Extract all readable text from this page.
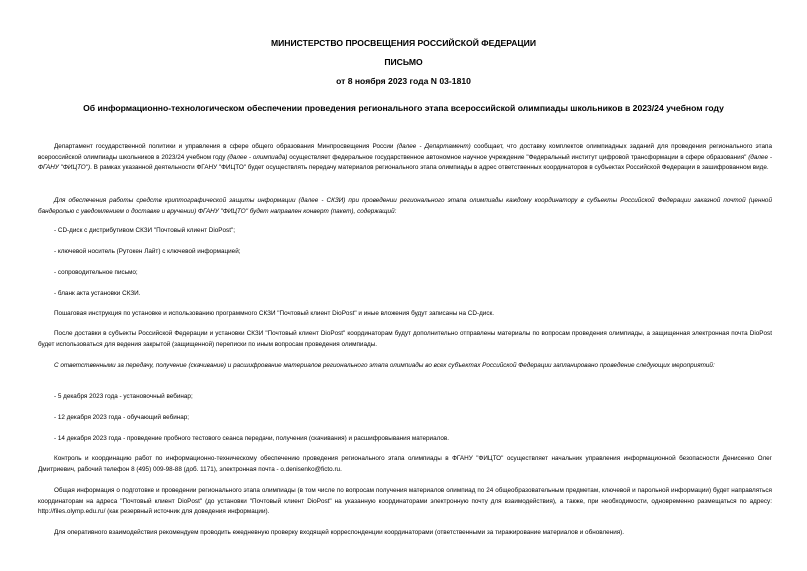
МИНИСТЕРСТВО ПРОСВЕЩЕНИЯ РОССИЙСКОЙ ФЕДЕРАЦИИ
ПИСЬМО
от 8 ноября 2023 года N 03-1810
Об информационно-технологическом обеспечении проведения регионального этапа всероссийской олимпиады школьников в 2023/24 учебном году

Департамент государственной политики и управления в сфере общего образования Минпросвещения России (далее - Департамент) сообщает, что доставку комплектов олимпиадных заданий для проведения регионального этапа всероссийской олимпиады школьников в 2023/24 учебном году (далее - олимпиада) осуществляет федеральное государственное автономное научное учреждение "Федеральный институт цифровой трансформации в сфере образования" (далее - ФГАНУ "ФИЦТО"). В рамках указанной деятельности ФГАНУ "ФИЦТО" будет осуществлять передачу материалов регионального этапа олимпиады в адрес ответственных координаторов в субъектах Российской Федерации в зашифрованном виде.

Для обеспечения работы средств криптографической защиты информации (далее - СКЗИ) при проведении регионального этапа олимпиады каждому координатору в субъекты Российской Федерации заказной почтой (ценной бандеролью с уведомлением о доставке и вручении) ФГАНУ "ФИЦТО" будет направлен конверт (пакет), содержащий:

- CD-диск с дистрибутивом СКЗИ "Почтовый клиент DioPost";

- ключевой носитель (Рутокен Лайт) с ключевой информацией;

- сопроводительное письмо;

- бланк акта установки СКЗИ.

Пошаговая инструкция по установке и использованию программного СКЗИ "Почтовый клиент DioPost" и иные вложения будут записаны на CD-диск.

После доставки в субъекты Российской Федерации и установки СКЗИ "Почтовый клиент DioPost" координаторам будут дополнительно отправлены материалы по вопросам проведения олимпиады, а защищенная электронная почта DioPost будет использоваться для ведения закрытой (защищенной) переписки по иным вопросам проведения олимпиады.

С ответственными за передачу, получение (скачивание) и расшифрование материалов регионального этапа олимпиады во всех субъектах Российской Федерации запланировано проведение следующих мероприятий:

- 5 декабря 2023 года - установочный вебинар;

- 12 декабря 2023 года - обучающий вебинар;

- 14 декабря 2023 года - проведение пробного тестового сеанса передачи, получения (скачивания) и расшифровывания материалов.

Контроль и координацию работ по информационно-техническому обеспечению проведения регионального этапа олимпиады в ФГАНУ "ФИЦТО" осуществляет начальник управления информационной безопасности Денисенко Олег Дмитриевич, рабочий телефон 8 (495) 009-98-88 (доб. 1171), электронная почта - o.denisenko@ficto.ru.

Общая информация о подготовке и проведении регионального этапа олимпиады (в том числе по вопросам получения материалов олимпиад по 24 общеобразовательным предметам, ключевой и парольной информации) будет направляться координаторам на адреса "Почтовый клиент DioPost" (до установки "Почтовый клиент DioPost" на указанную координаторами электронную почту для взаимодействия), а также, при необходимости, одновременно размещаться по адресу: http://files.olymp.edu.ru/ (как резервный источник для доведения информации).

Для оперативного взаимодействия рекомендуем проводить ежедневную проверку входящей корреспонденции координаторами (ответственными за тиражирование материалов и обновления).
